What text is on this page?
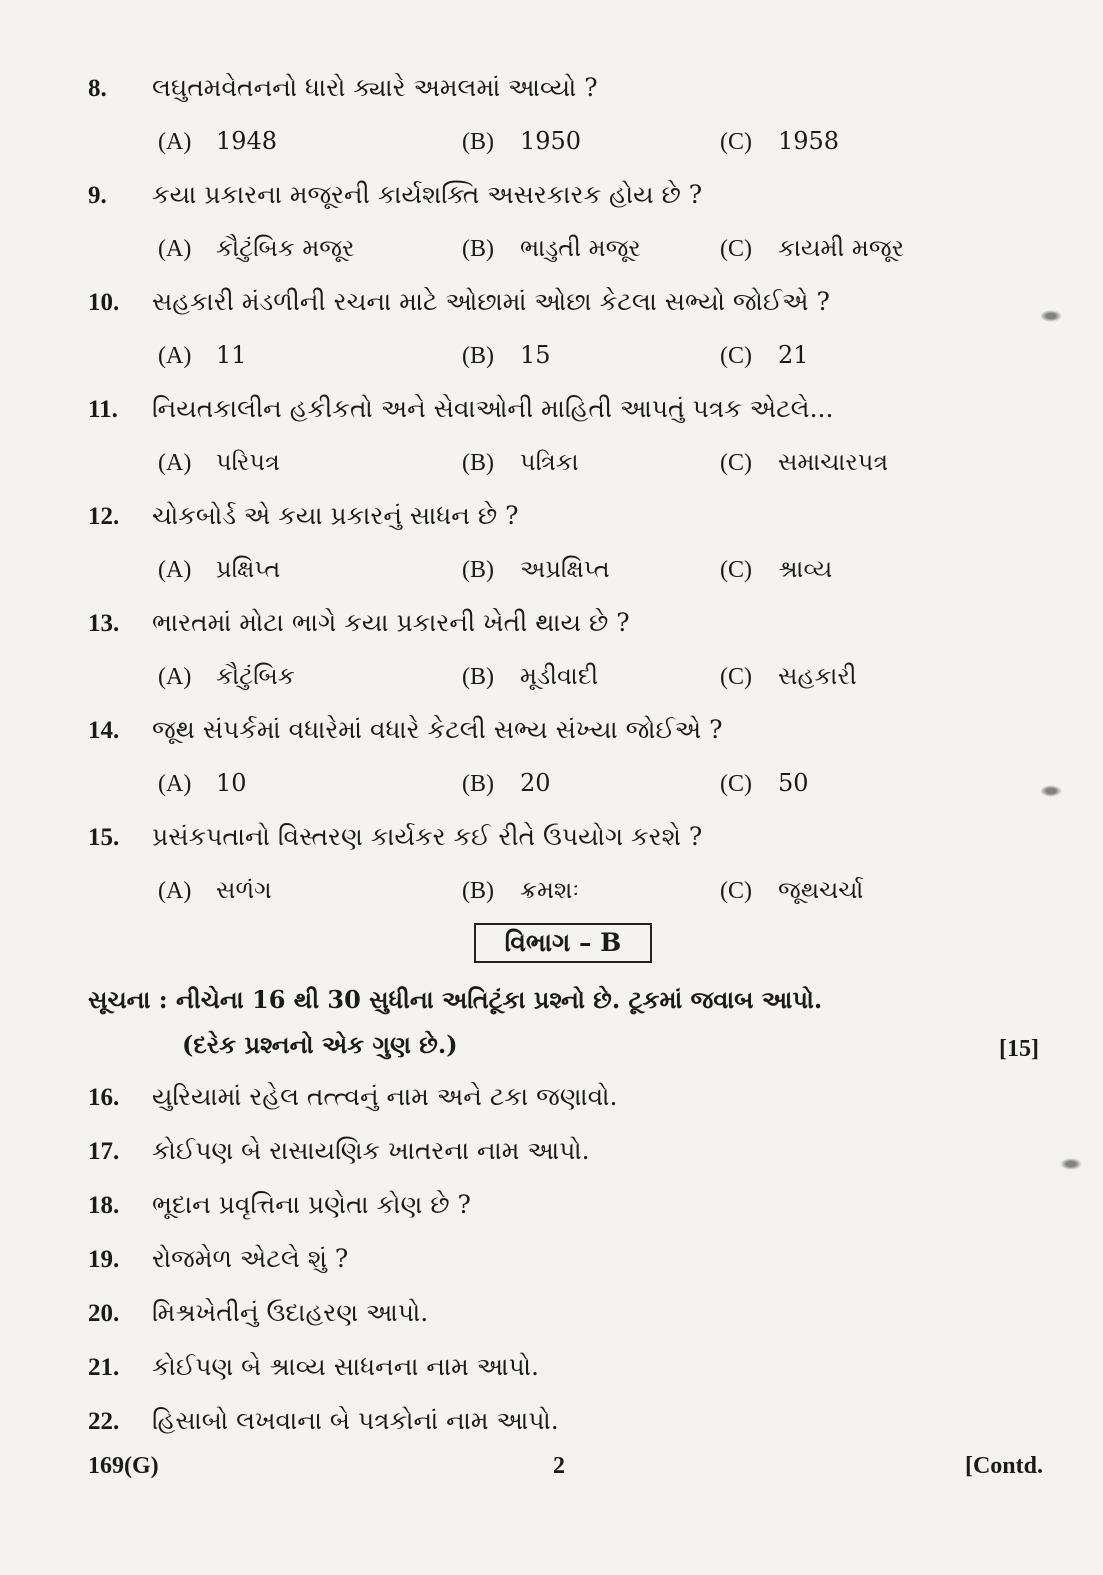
8. લઘુતમવેતનનો ધારો ક્યારે અમલમાં આવ્યો ?
(A) 1948	(B) 1950	(C) 1958
9. કયા પ્રકારના મજૂરની કાર્યશક્તિ અસરકારક હોય છે ?
(A) કૌટુંબિક મજૂર	(B) ભાડુતી મજૂર	(C) કાયમી મજૂર
10. સહકારી મંડળીની રચના માટે ઓછામાં ઓછા કેટલા સભ્યો જોઈએ ?
(A) 11	(B) 15	(C) 21
11. નિયતકાલીન હકીકતો અને સેવાઓની માહિતી આપતું પત્રક એટલે...
(A) પરિપત્ર	(B) પત્રિકા	(C) સમાચારપત્ર
12. ચોકબોર્ડ એ કયા પ્રકારનું સાધન છે ?
(A) પ્રક્ષિપ્ત	(B) અપ્રક્ષિપ્ત	(C) શ્રાવ્ય
13. ભારતમાં મોટા ભાગે કયા પ્રકારની ખેતી થાય છે ?
(A) કૌટુંબિક	(B) મૂડીવાદી	(C) સહકારી
14. જૂથ સંપર્કમાં વધારેમાં વધારે કેટલી સભ્ય સંખ્યા જોઈએ ?
(A) 10	(B) 20	(C) 50
15. પ્રસંકપતાનો વિસ્તરણ કાર્યકર કઈ રીતે ઉપયોગ કરશે ?
(A) સળંગ	(B) ક્રમશઃ	(C) જૂથચર્ચા
વિભાગ – B
સૂચના : નીચેના 16 થી 30 સુધીના અતિટૂંકા પ્રશ્નો છે. ટૂકમાં જવાબ આપો.
(દરેક પ્રશ્નનો એક ગુણ છે.)	[15]
16. યુરિયામાં રહેલ તત્ત્વનું નામ અને ટકા જણાવો.
17. કોઈપણ બે રાસાયણિક ખાતરના નામ આપો.
18. ભૂદાન પ્રવૃત્તિના પ્રણેતા કોણ છે ?
19. રોજમેળ એટલે શું ?
20. મિશ્રખેતીનું ઉદાહરણ આપો.
21. કોઈપણ બે શ્રાવ્ય સાધનના નામ આપો.
22. હિસાબો લખવાના બે પત્રકોનાં નામ આપો.
169(G)	2	[Contd.
